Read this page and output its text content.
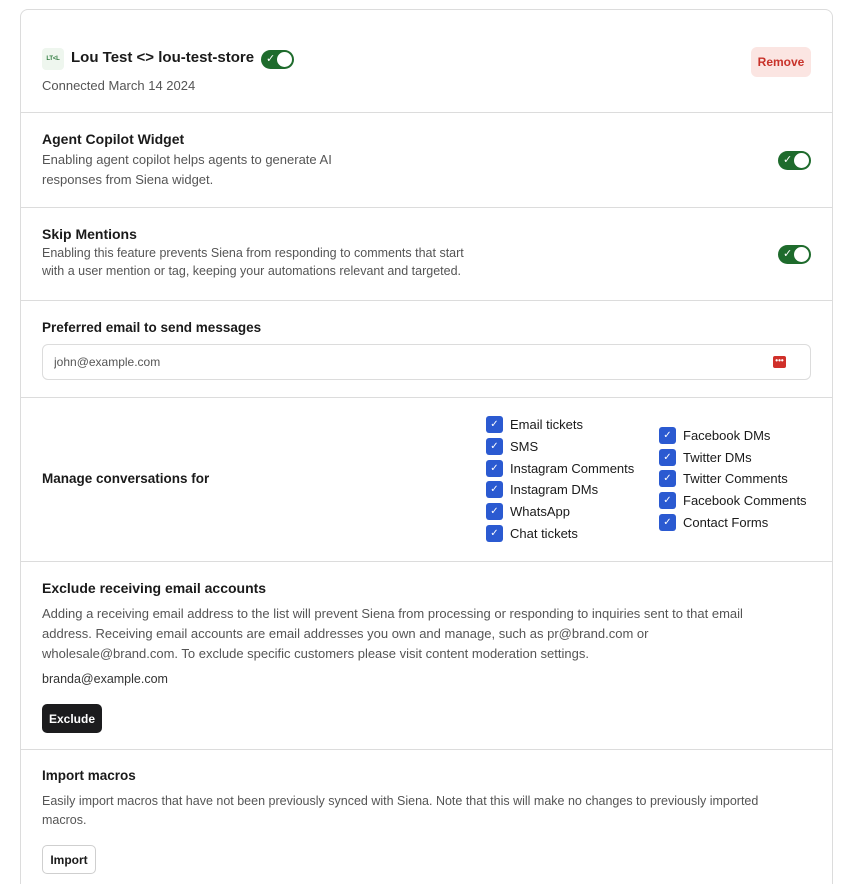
LT<L Lou Test <> lou-test-store ✓
Connected March 14 2024
Remove
Agent Copilot Widget
Enabling agent copilot helps agents to generate AI
responses from Siena widget.
✓
Skip Mentions
Enabling this feature prevents Siena from responding to comments that start
with a user mention or tag, keeping your automations relevant and targeted.
✓
Preferred email to send messages
john@example.com
•••
Manage conversations for
✓ Email tickets
✓ SMS
✓ Instagram Comments
✓ Instagram DMs
✓ WhatsApp
✓ Chat tickets
✓ Facebook DMs
✓ Twitter DMs
✓ Twitter Comments
✓ Facebook Comments
✓ Contact Forms
Exclude receiving email accounts
Adding a receiving email address to the list will prevent Siena from processing or responding to inquiries sent to that email
address. Receiving email accounts are email addresses you own and manage, such as pr@brand.com or
wholesale@brand.com. To exclude specific customers please visit content moderation settings.
branda@example.com
Exclude
Import macros
Easily import macros that have not been previously synced with Siena. Note that this will make no changes to previously imported
macros.
Import
